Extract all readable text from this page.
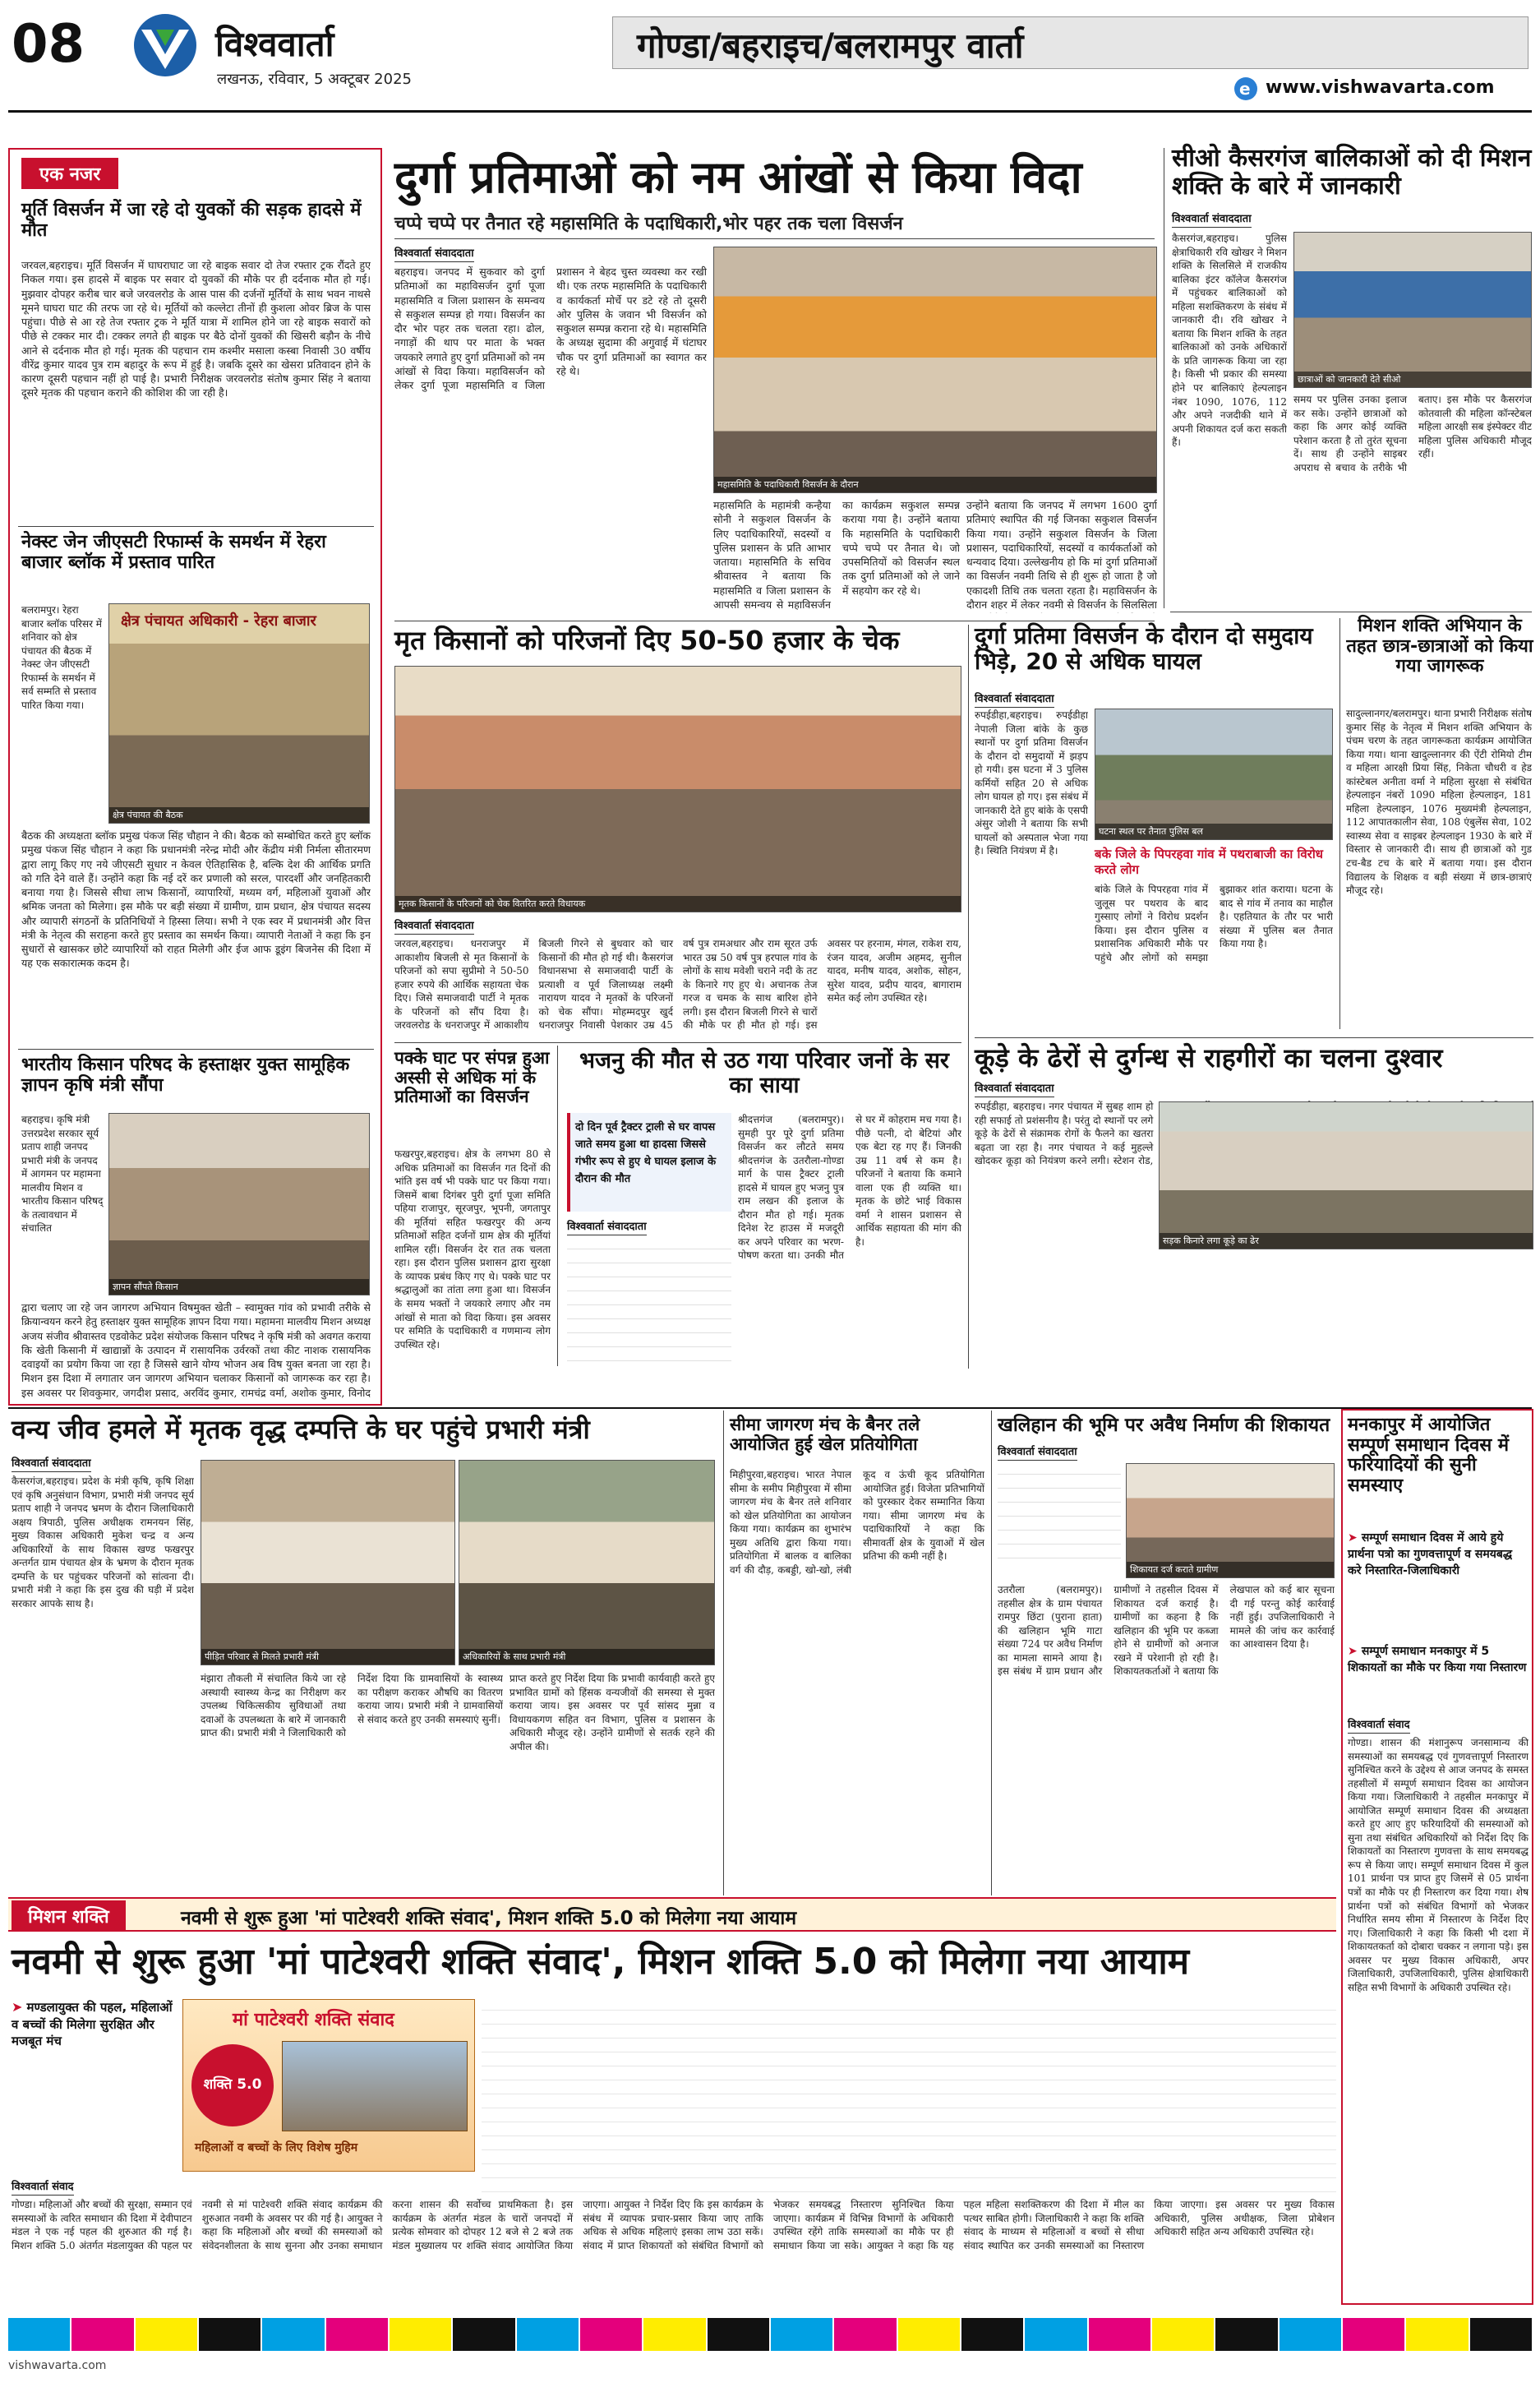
08	विश्ववार्ता
लखनऊ, रविवार, 5 अक्टूबर 2025
गोण्डा/बहराइच/बलरामपुर वार्ता
e www.vishwavarta.com
एक नजर
मूर्ति विसर्जन में जा रहे दो युवकों की सड़क हादसे में मौत
जरवल,बहराइच। मूर्ति विसर्जन में घाघराघाट जा रहे बाइक सवार दो तेज रफ्तार ट्रक रौंदते हुए निकल गया। इस हादसे में बाइक पर सवार दो युवकों की मौके पर ही दर्दनाक मौत हो गई। मुझवार दोपहर करीब चार बजे जरवलरोड के आस पास की दर्जनों मूर्तियों के साथ भवन नाथसे मूमने घाघरा घाट की तरफ जा रहे थे। मूर्तियों को कल्लेटा तीनों ही कुशला ओवर ब्रिज के पास पहुंचा। पीछे से आ रहे तेज रफ्तार ट्रक ने मूर्ति यात्रा में शामिल होने जा रहे बाइक सवारों को पीछे से टक्कर मार दी। टक्कर लगते ही बाइक पर बैठे दोनों युवकों की खिसरी बड़ौन के नीचे आने से दर्दनाक मौत हो गई। मृतक की पहचान राम कश्मीर मसाला कस्बा निवासी 30 वर्षीय वीरेंद्र कुमार यादव पुत्र राम बहादुर के रूप में हुई है। जबकि दूसरे का खेसरा प्रतिवादन होने के कारण दूसरी पहचान नहीं हो पाई है। प्रभारी निरीक्षक जरवलरोड संतोष कुमार सिंह ने बताया दूसरे मृतक की पहचान कराने की कोशिश की जा रही है।
नेक्स्ट जेन जीएसटी रिफार्म्स के समर्थन में रेहरा बाजार ब्लाॅक में प्रस्ताव पारित
बलरामपुर। रेहरा बाजार ब्लॉक परिसर में शनिवार को क्षेत्र पंचायत की बैठक में नेक्स्ट जेन जीएसटी रिफार्म्स के समर्थन में सर्व सम्मति से प्रस्ताव पारित किया गया।
क्षेत्र पंचायत अधिकारी - रेहरा बाजार
क्षेत्र पंचायत की बैठक
बैठक की अध्यक्षता ब्लॉक प्रमुख पंकज सिंह चौहान ने की। बैठक को सम्बोधित करते हुए ब्लॉक प्रमुख पंकज सिंह चौहान ने कहा कि प्रधानमंत्री नरेन्द्र मोदी और केंद्रीय मंत्री निर्मला सीतारमण द्वारा लागू किए गए नये जीएसटी सुधार न केवल ऐतिहासिक है, बल्कि देश की आर्थिक प्रगति को गति देने वाले हैं। उन्होंने कहा कि नई दरें कर प्रणाली को सरल, पारदर्शी और जनहितकारी बनाया गया है। जिससे सीधा लाभ किसानों, व्यापारियों, मध्यम वर्ग, महिलाओं युवाओं और श्रमिक जनता को मिलेगा। इस मौके पर बड़ी संख्या में ग्रामीण, ग्राम प्रधान, क्षेत्र पंचायत सदस्य और व्यापारी संगठनों के प्रतिनिधियों ने हिस्सा लिया। सभी ने एक स्वर में प्रधानमंत्री और वित्त मंत्री के नेतृत्व की सराहना करते हुए प्रस्ताव का समर्थन किया। व्यापारी नेताओं ने कहा कि इन सुधारों से खासकर छोटे व्यापारियों को राहत मिलेगी और ईज आफ डूइंग बिजनेस की दिशा में यह एक सकारात्मक कदम है।
भारतीय किसान परिषद के हस्ताक्षर युक्त सामूहिक ज्ञापन कृषि मंत्री सौंपा
बहराइच। कृषि मंत्री उत्तरप्रदेश सरकार सूर्य प्रताप शाही जनपद प्रभारी मंत्री के जनपद में आगमन पर महामना मालवीय मिशन व भारतीय किसान परिषद् के तत्वावधान में संचालित
ज्ञापन सौंपते किसान
द्वारा चलाए जा रहे जन जागरण अभियान विषमुक्त खेती – स्वामुक्त गांव को प्रभावी तरीके से क्रियान्वयन करने हेतु हस्ताक्षर युक्त सामूहिक ज्ञापन दिया गया। महामना मालवीय मिशन अध्यक्ष अजय संजीव श्रीवास्तव एडवोकेट प्रदेश संयोजक किसान परिषद ने कृषि मंत्री को अवगत कराया कि खेती किसानी में खाद्यान्नों के उत्पादन में रासायनिक उर्वरकों तथा कीट नाशक रासायनिक दवाइयों का प्रयोग किया जा रहा है जिससे खाने योग्य भोजन अब विष युक्त बनता जा रहा है। मिशन इस दिशा में लगातार जन जागरण अभियान चलाकर किसानों को जागरूक कर रहा है। इस अवसर पर शिवकुमार, जगदीश प्रसाद, अरविंद कुमार, रामचंद्र वर्मा, अशोक कुमार, विनोद
दुर्गा प्रतिमाओं को नम आंखों से किया विदा
चप्पे चप्पे पर तैनात रहे महासमिति के पदाधिकारी,भोर पहर तक चला विसर्जन
विश्ववार्ता संवाददाता
बहराइच। जनपद में सुकवार को दुर्गा प्रतिमाओं का महाविसर्जन दुर्गा पूजा महासमिति व जिला प्रशासन के समन्वय से सकुशल सम्पन्न हो गया। विसर्जन का दौर भोर पहर तक चलता रहा। ढोल, नगाड़ों की थाप पर माता के भक्त जयकारे लगाते हुए दुर्गा प्रतिमाओं को नम आंखों से विदा किया। महाविसर्जन को लेकर दुर्गा पूजा महासमिति व जिला प्रशासन ने बेहद चुस्त व्यवस्था कर रखी थी। एक तरफ महासमिति के पदाधिकारी व कार्यकर्ता मोर्चे पर डटे रहे तो दूसरी ओर पुलिस के जवान भी विसर्जन को सकुशल सम्पन्न कराना रहे थे। महासमिति के अध्यक्ष सुदामा की अगुवाई में घंटाघर चौक पर दुर्गा प्रतिमाओं का स्वागत कर रहे थे।
महासमिति के पदाधिकारी विसर्जन के दौरान
महासमिति के महामंत्री कन्हैया सोनी ने सकुशल विसर्जन के लिए पदाधिकारियों, सदस्यों व पुलिस प्रशासन के प्रति आभार जताया। महासमिति के सचिव श्रीवास्तव ने बताया कि महासमिति व जिला प्रशासन के आपसी समन्वय से महाविसर्जन का कार्यक्रम सकुशल सम्पन्न कराया गया है। उन्होंने बताया कि महासमिति के पदाधिकारी चप्पे चप्पे पर तैनात थे। जो उपसमितियों को विसर्जन स्थल तक दुर्गा प्रतिमाओं को ले जाने में सहयोग कर रहे थे।
उन्होंने बताया कि जनपद में लगभग 1600 दुर्गा प्रतिमाएं स्थापित की गई जिनका सकुशल विसर्जन किया गया। उन्होंने सकुशल विसर्जन के जिला प्रशासन, पदाधिकारियों, सदस्यों व कार्यकर्ताओं को धन्यवाद दिया। उल्लेखनीय हो कि मां दुर्गा प्रतिमाओं का विसर्जन नवमी तिथि से ही शुरू हो जाता है जो एकादशी तिथि तक चलता रहता है। महाविसर्जन के दौरान शहर में लेकर नवमी से विसर्जन के सिलसिला
सीओ कैसरगंज बालिकाओं को दी मिशन शक्ति के बारे में जानकारी
विश्ववार्ता संवाददाता
कैसरगंज,बहराइच। पुलिस क्षेत्राधिकारी रवि खोखर ने मिशन शक्ति के सिलसिले में राजकीय बालिका इंटर कॉलेज कैसरगंज में पहुंचकर बालिकाओं को महिला सशक्तिकरण के संबंध में जानकारी दी। रवि खोखर ने बताया कि मिशन शक्ति के तहत बालिकाओं को उनके अधिकारों के प्रति जागरूक किया जा रहा है। किसी भी प्रकार की समस्या होने पर बालिकाएं हेल्पलाइन नंबर 1090, 1076, 112 और अपने नजदीकी थाने में अपनी शिकायत दर्ज करा सकती हैं।
छात्राओं को जानकारी देते सीओ
समय पर पुलिस उनका इलाज कर सके। उन्होंने छात्राओं को कहा कि अगर कोई व्यक्ति परेशान करता है तो तुरंत सूचना दें। साथ ही उन्होंने साइबर अपराध से बचाव के तरीके भी बताए। इस मौके पर कैसरगंज कोतवाली की महिला कॉन्स्टेबल महिला आरक्षी सब इंस्पेक्टर वीट महिला पुलिस अधिकारी मौजूद रहीं।
मृत किसानों को परिजनों दिए 50-50 हजार के चेक
मृतक किसानों के परिजनों को चेक वितरित करते विधायक
विश्ववार्ता संवाददाता
जरवल,बहराइच। धनराजपुर में आकाशीय बिजली से मृत किसानों के परिजनों को सपा सुप्रीमो ने 50-50 हजार रुपये की आर्थिक सहायता चेक दिए। जिसे समाजवादी पार्टी ने मृतक के परिजनों को सौंप दिया है। जरवलरोड के धनराजपुर में आकाशीय बिजली गिरने से बुधवार को चार किसानों की मौत हो गई थी। कैसरगंज विधानसभा से समाजवादी पार्टी के प्रत्याशी व पूर्व जिलाध्यक्ष लक्ष्मी नारायण यादव ने मृतकों के परिजनों को चेक सौंपा। मोहम्मदपुर खुर्द धनराजपुर निवासी पेशकार उम्र 45 वर्ष पुत्र रामअधार और राम सूरत उर्फ भारत उम्र 50 वर्ष पुत्र हरपाल गांव के लोगों के साथ मवेशी चराने नदी के तट के किनारे गए हुए थे। अचानक तेज गरज व चमक के साथ बारिश होने लगी। इस दौरान बिजली गिरने से चारों की मौके पर ही मौत हो गई। इस अवसर पर हरनाम, मंगल, राकेश राय, रंजन यादव, अजीम अहमद, सुनील यादव, मनीष यादव, अशोक, सोहन, सुरेश यादव, प्रदीप यादव, बागाराम समेत कई लोग उपस्थित रहे।
दुर्गा प्रतिमा विसर्जन के दौरान दो समुदाय भिड़े, 20 से अधिक घायल
विश्ववार्ता संवाददाता
रुपईडीहा,बहराइच। रुपईडीहा नेपाली जिला बांके के कुछ स्थानों पर दुर्गा प्रतिमा विसर्जन के दौरान दो समुदायों में झड़प हो गयी। इस घटना में 3 पुलिस कर्मियों सहित 20 से अधिक लोग घायल हो गए। इस संबंध में जानकारी देते हुए बांके के एसपी अंसुर जोशी ने बताया कि सभी घायलों को अस्पताल भेजा गया है। स्थिति नियंत्रण में है।
घटना स्थल पर तैनात पुलिस बल
बके जिले के पिपरहवा गांव में पथराबाजी का विरोध करते लोग
बांके जिले के पिपरहवा गांव में जुलूस पर पथराव के बाद गुस्साए लोगों ने विरोध प्रदर्शन किया। इस दौरान पुलिस व प्रशासनिक अधिकारी मौके पर पहुंचे और लोगों को समझा बुझाकर शांत कराया। घटना के बाद से गांव में तनाव का माहौल है। एहतियात के तौर पर भारी संख्या में पुलिस बल तैनात किया गया है।
मिशन शक्ति अभियान के तहत छात्र-छात्राओं को किया गया जागरूक
सादुल्लानगर/बलरामपुर। थाना प्रभारी निरीक्षक संतोष कुमार सिंह के नेतृत्व में मिशन शक्ति अभियान के पंचम चरण के तहत जागरूकता कार्यक्रम आयोजित किया गया। थाना खादुल्लानगर की ऐंटी रोमियो टीम व महिला आरक्षी प्रिया सिंह, निकेता चौधरी व हेड कांस्टेबल अनीता वर्मा ने महिला सुरक्षा से संबंधित हेल्पलाइन नंबरों 1090 महिला हेल्पलाइन, 181 महिला हेल्पलाइन, 1076 मुख्यमंत्री हेल्पलाइन, 112 आपातकालीन सेवा, 108 एंबुलेंस सेवा, 102 स्वास्थ्य सेवा व साइबर हेल्पलाइन 1930 के बारे में विस्तार से जानकारी दी। साथ ही छात्राओं को गुड टच-बैड टच के बारे में बताया गया। इस दौरान विद्यालय के शिक्षक व बड़ी संख्या में छात्र-छात्राएं मौजूद रहे।
पक्के घाट पर संपन्न हुआ अस्सी से अधिक मां के प्रतिमाओं का विसर्जन
फखरपुर,बहराइच। क्षेत्र के लगभग 80 से अधिक प्रतिमाओं का विसर्जन गत दिनों की भांति इस वर्ष भी पक्के घाट पर किया गया। जिसमें बाबा दिगंबर पुरी दुर्गा पूजा समिति पहिया राजापुर, सूरजपुर, भूपनी, जगतापुर की मूर्तियां सहित फखरपुर की अन्य प्रतिमाओं सहित दर्जनों ग्राम क्षेत्र की मूर्तियां शामिल रहीं। विसर्जन देर रात तक चलता रहा। इस दौरान पुलिस प्रशासन द्वारा सुरक्षा के व्यापक प्रबंध किए गए थे। पक्के घाट पर श्रद्धालुओं का तांता लगा हुआ था। विसर्जन के समय भक्तों ने जयकारे लगाए और नम आंखों से माता को विदा किया। इस अवसर पर समिति के पदाधिकारी व गणमान्य लोग उपस्थित रहे।
भजनु की मौत से उठ गया परिवार जनों के सर का साया
दो दिन पूर्व ट्रैक्टर ट्राली से घर वापस जाते समय हुआ था हादसा जिससे गंभीर रूप से हुए थे घायल इलाज के दौरान की मौत
विश्ववार्ता संवाददाता
श्रीदत्तगंज (बलरामपुर)। सुमही पुर पूरे दुर्गा प्रतिमा विसर्जन कर लौटते समय श्रीदत्तगंज के उतरौला-गोण्डा मार्ग के पास ट्रैक्टर ट्राली हादसे में घायल हुए भजनु पुत्र राम लखन की इलाज के दौरान मौत हो गई। मृतक दिनेश रेट हाउस में मजदूरी कर अपने परिवार का भरण-पोषण करता था। उनकी मौत से घर में कोहराम मच गया है। पीछे पत्नी, दो बेटियां और एक बेटा रह गए हैं। जिनकी उम्र 11 वर्ष से कम है। परिजनों ने बताया कि कमाने वाला एक ही व्यक्ति था। मृतक के छोटे भाई विकास वर्मा ने शासन प्रशासन से आर्थिक सहायता की मांग की है।
कूड़े के ढेरों से दुर्गन्ध से राहगीरों का चलना दुश्वार
विश्ववार्ता संवाददाता
रुपईडीहा, बहराइच। नगर पंचायत में सुबह शाम हो रही सफाई तो प्रशंसनीय है। परंतु दो स्थानों पर लगे कूड़े के ढेरों से संक्रामक रोगों के फैलने का खतरा बढ़ता जा रहा है। नगर पंचायत ने कई मुहल्ले खोदकर कूड़ा को नियंत्रण करने लगी। स्टेशन रोड,
सड़क किनारे लगा कूड़े का ढेर
वन्य जीव हमले में मृतक वृद्ध दम्पत्ति के घर पहुंचे प्रभारी मंत्री
विश्ववार्ता संवाददाता
कैसरगंज,बहराइच। प्रदेश के मंत्री कृषि, कृषि शिक्षा एवं कृषि अनुसंधान विभाग, प्रभारी मंत्री जनपद सूर्य प्रताप शाही ने जनपद भ्रमण के दौरान जिलाधिकारी अक्षय त्रिपाठी, पुलिस अधीक्षक रामनयन सिंह, मुख्य विकास अधिकारी मुकेश चन्द्र व अन्य अधिकारियों के साथ विकास खण्ड फखरपुर अन्तर्गत ग्राम पंचायत क्षेत्र के भ्रमण के दौरान मृतक दम्पत्ति के घर पहुंचकर परिजनों को सांत्वना दी। प्रभारी मंत्री ने कहा कि इस दुख की घड़ी में प्रदेश सरकार आपके साथ है।
पीड़ित परिवार से मिलते प्रभारी मंत्री	अधिकारियों के साथ प्रभारी मंत्री
मंझारा तौकली में संचालित किये जा रहे अस्थायी स्वास्थ्य केन्द्र का निरीक्षण कर उपलब्ध चिकित्सकीय सुविधाओं तथा दवाओं के उपलब्धता के बारे में जानकारी प्राप्त की। प्रभारी मंत्री ने जिलाधिकारी को निर्देश दिया कि ग्रामवासियों के स्वास्थ्य का परीक्षण कराकर औषधि का वितरण कराया जाय। प्रभारी मंत्री ने ग्रामवासियों से संवाद करते हुए उनकी समस्याएं सुनीं।
प्राप्त करते हुए निर्देश दिया कि प्रभावी कार्यवाही करते हुए प्रभावित ग्रामों को हिंसक वन्यजीवों की समस्या से मुक्त कराया जाय। इस अवसर पर पूर्व सांसद मुन्ना व विधायकगण सहित वन विभाग, पुलिस व प्रशासन के अधिकारी मौजूद रहे। उन्होंने ग्रामीणों से सतर्क रहने की अपील की।
सीमा जागरण मंच के बैनर तले आयोजित हुई खेल प्रतियोगिता
मिहीपुरवा,बहराइच। भारत नेपाल सीमा के समीप मिहीपुरवा में सीमा जागरण मंच के बैनर तले शनिवार को खेल प्रतियोगिता का आयोजन किया गया। कार्यक्रम का शुभारंभ मुख्य अतिथि द्वारा किया गया। प्रतियोगिता में बालक व बालिका वर्ग की दौड़, कबड्डी, खो-खो, लंबी कूद व ऊंची कूद प्रतियोगिता आयोजित हुई। विजेता प्रतिभागियों को पुरस्कार देकर सम्मानित किया गया। सीमा जागरण मंच के पदाधिकारियों ने कहा कि सीमावर्ती क्षेत्र के युवाओं में खेल प्रतिभा की कमी नहीं है।
खलिहान की भूमि पर अवैध निर्माण की शिकायत
विश्ववार्ता संवाददाता
शिकायत दर्ज कराते ग्रामीण
उतरौला (बलरामपुर)। तहसील क्षेत्र के ग्राम पंचायत रामपुर छिंटा (पुराना हाता) की खलिहान भूमि गाटा संख्या 724 पर अवैध निर्माण का मामला सामने आया है। इस संबंध में ग्राम प्रधान और ग्रामीणों ने तहसील दिवस में शिकायत दर्ज कराई है। ग्रामीणों का कहना है कि खलिहान की भूमि पर कब्जा होने से ग्रामीणों को अनाज रखने में परेशानी हो रही है। शिकायतकर्ताओं ने बताया कि लेखपाल को कई बार सूचना दी गई परन्तु कोई कार्रवाई नहीं हुई। उपजिलाधिकारी ने मामले की जांच कर कार्रवाई का आश्वासन दिया है।
मनकापुर में आयोजित सम्पूर्ण समाधान दिवस में फरियादियों की सुनी समस्याए
➤ सम्पूर्ण समाधान दिवस में आये हुये प्रार्थना पत्रो का गुणवत्तापूर्ण व समयबद्ध करे निस्तारित-जिलाधिकारी
➤ सम्पूर्ण समाधान मनकापुर में 5 शिकायतों का मौके पर किया गया निस्तारण
विश्ववार्ता संवाद
गोण्डा। शासन की मंशानुरूप जनसामान्य की समस्याओं का समयबद्ध एवं गुणवत्तापूर्ण निस्तारण सुनिश्चित करने के उद्देश्य से आज जनपद के समस्त तहसीलों में सम्पूर्ण समाधान दिवस का आयोजन किया गया। जिलाधिकारी ने तहसील मनकापुर में आयोजित सम्पूर्ण समाधान दिवस की अध्यक्षता करते हुए आए हुए फरियादियों की समस्याओं को सुना तथा संबंधित अधिकारियों को निर्देश दिए कि शिकायतों का निस्तारण गुणवत्ता के साथ समयबद्ध रूप से किया जाए। सम्पूर्ण समाधान दिवस में कुल 101 प्रार्थना पत्र प्राप्त हुए जिसमें से 05 प्रार्थना पत्रों का मौके पर ही निस्तारण कर दिया गया। शेष प्रार्थना पत्रों को संबंधित विभागों को भेजकर निर्धारित समय सीमा में निस्तारण के निर्देश दिए गए। जिलाधिकारी ने कहा कि किसी भी दशा में शिकायतकर्ता को दोबारा चक्कर न लगाना पड़े। इस अवसर पर मुख्य विकास अधिकारी, अपर जिलाधिकारी, उपजिलाधिकारी, पुलिस क्षेत्राधिकारी सहित सभी विभागों के अधिकारी उपस्थित रहे।
मिशन शक्ति	नवमी से शुरू हुआ 'मां पाटेश्वरी शक्ति संवाद', मिशन शक्ति 5.0 को मिलेगा नया आयाम
नवमी से शुरू हुआ 'मां पाटेश्वरी शक्ति संवाद', मिशन शक्ति 5.0 को मिलेगा नया आयाम
➤ मण्डलायुक्त की पहल, महिलाओं व बच्चों की मिलेगा सुरक्षित और मजबूत मंच
मां पाटेश्वरी शक्ति संवाद
शक्ति 5.0
महिलाओं व बच्चों के लिए विशेष मुहिम
विश्ववार्ता संवाद
गोण्डा। महिलाओं और बच्चों की सुरक्षा, सम्मान एवं समस्याओं के त्वरित समाधान की दिशा में देवीपाटन मंडल ने एक नई पहल की शुरुआत की गई है। मिशन शक्ति 5.0 अंतर्गत मंडलायुक्त की पहल पर नवमी से मां पाटेश्वरी शक्ति संवाद कार्यक्रम की शुरुआत नवमी के अवसर पर की गई है। आयुक्त ने कहा कि महिलाओं और बच्चों की समस्याओं को संवेदनशीलता के साथ सुनना और उनका समाधान करना शासन की सर्वोच्च प्राथमिकता है। इस कार्यक्रम के अंतर्गत मंडल के चारों जनपदों में प्रत्येक सोमवार को दोपहर 12 बजे से 2 बजे तक मंडल मुख्यालय पर शक्ति संवाद आयोजित किया जाएगा। आयुक्त ने निर्देश दिए कि इस कार्यक्रम के संबंध में व्यापक प्रचार-प्रसार किया जाए ताकि अधिक से अधिक महिलाएं इसका लाभ उठा सकें। संवाद में प्राप्त शिकायतों को संबंधित विभागों को भेजकर समयबद्ध निस्तारण सुनिश्चित किया जाएगा। कार्यक्रम में विभिन्न विभागों के अधिकारी उपस्थित रहेंगे ताकि समस्याओं का मौके पर ही समाधान किया जा सके। आयुक्त ने कहा कि यह पहल महिला सशक्तिकरण की दिशा में मील का पत्थर साबित होगी। जिलाधिकारी ने कहा कि शक्ति संवाद के माध्यम से महिलाओं व बच्चों से सीधा संवाद स्थापित कर उनकी समस्याओं का निस्तारण किया जाएगा। इस अवसर पर मुख्य विकास अधिकारी, पुलिस अधीक्षक, जिला प्रोबेशन अधिकारी सहित अन्य अधिकारी उपस्थित रहे।
vishwavarta.com
